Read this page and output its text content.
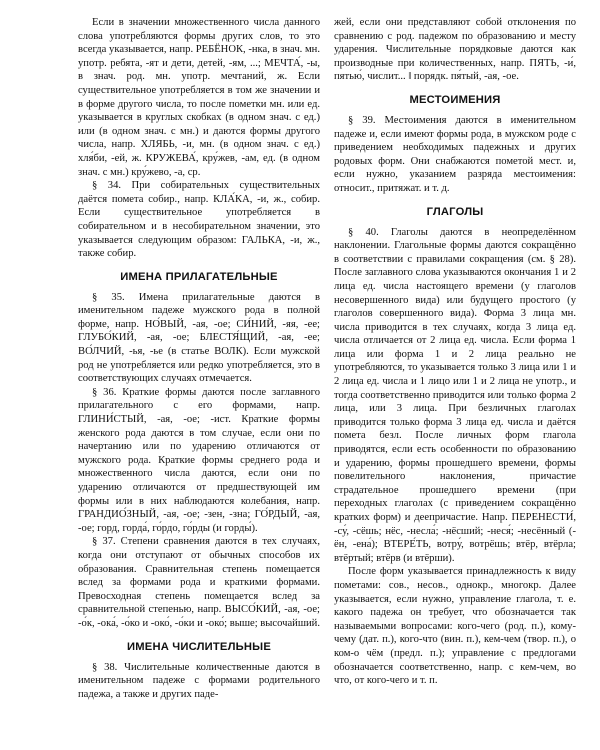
Если в значении множественного числа данного слова употребляются формы других слов, то это всегда указывается, напр. РЕБЁНОК, -нка, в знач. мн. употр. ребята, -ят и дети, детей, -ям, ...; МЕЧТА́, -ы, в знач. род. мн. употр. мечтаний, ж. Если существительное употребляется в том же значении и в форме другого числа, то после пометки мн. или ед. указывается в круглых скобках (в одном знач. с ед.) или (в одном знач. с мн.) и даются формы другого числа, напр. ХЛЯБЬ, -и, мн. (в одном знач. с ед.) хля́би, -ей, ж. КРУЖЕВА́, кру́жев, -ам, ед. (в одном знач. с мн.) кру́жево, -а, ср.

§ 34. При собирательных существительных даётся помета собир., напр. КЛА́КА, -и, ж., собир. Если существительное употребляется в собирательном и в несобирательном значении, это указывается следующим образом: ГАЛЬКА, -и, ж., также собир.

ИМЕНА ПРИЛАГАТЕЛЬНЫЕ

§ 35. Имена прилагательные даются в именительном падеже мужского рода в полной форме, напр. НО́ВЫЙ, -ая, -ое; СИ́НИЙ, -яя, -ее; ГЛУБО́КИЙ, -ая, -ое; БЛЕСТЯ́ЩИЙ, -ая, -ее; ВО́ЛЧИЙ, -ья, -ье (в статье ВОЛК). Если мужской род не употребляется или редко употребляется, это в соответствующих случаях отмечается.

§ 36. Краткие формы даются после заглавного прилагательного с его формами, напр. ГЛИНИ́СТЫЙ, -ая, -ое; -ист. Краткие формы женского рода даются в том случае, если они по начертанию или по ударению отличаются от мужского рода. Краткие формы среднего рода и множественного числа даются, если они по ударению отличаются от предшествующей им формы или в них наблюдаются колебания, напр. ГРАНДИО́ЗНЫЙ, -ая, -ое; -зен, -зна; ГО́РДЫЙ, -ая, -ое; горд, горда́, го́рдо, го́рды (и горды́).

§ 37. Степени сравнения даются в тех случаях, когда они отступают от обычных способов их образования. Сравнительная степень помещается вслед за формами рода и краткими формами. Превосходная степень помещается вслед за сравнительной степенью, напр. ВЫСО́КИЙ, -ая, -ое; -о́к, -ока́, -о́ко и -око́, -о́ки и -око́; выше; высочайший.

ИМЕНА ЧИСЛИТЕЛЬНЫЕ

§ 38. Числительные количественные даются в именительном падеже с формами родительного падежа, а также и других паде-

жей, если они представляют собой отклонения по сравнению с род. падежом по образованию и месту ударения. Числительные порядковые даются как производные при количественных, напр. ПЯТЬ, -и́, пятью́, числит... ‖ порядк. пя́тый, -ая, -ое.

МЕСТОИМЕНИЯ

§ 39. Местоимения даются в именительном падеже и, если имеют формы рода, в мужском роде с приведением необходимых падежных и других родовых форм. Они снабжаются пометой мест. и, если нужно, указанием разряда местоимения: относит., притяжат. и т. д.

ГЛАГОЛЫ

§ 40. Глаголы даются в неопределённом наклонении. Глагольные формы даются сокращённо в соответствии с правилами сокращения (см. § 28). После заглавного слова указываются окончания 1 и 2 лица ед. числа настоящего времени (у глаголов несовершенного вида) или будущего простого (у глаголов совершенного вида). Форма 3 лица мн. числа приводится в тех случаях, когда 3 лица ед. числа отличается от 2 лица ед. числа. Если форма 1 лица или форма 1 и 2 лица реально не употребляются, то указывается только 3 лица или 1 и 2 лица ед. числа и 1 лицо или 1 и 2 лица не употр., и тогда соответственно приводится или только форма 2 лица, или 3 лица. При безличных глаголах приводится только форма 3 лица ед. числа и даётся помета безл. После личных форм глагола приводятся, если есть особенности по образованию и ударению, формы прошедшего времени, формы повелительного наклонения, причастие страдательное прошедшего времени (при переходных глаголах (с приведением сокращённо кратких форм) и деепричастие. Напр. ПЕРЕНЕСТИ́, -су́, -сёшь; нёс, -несла́; -нёсший; -неся́; -несённый (-ён, -ена́); ВТЕРЕ́ТЬ, вотру́, вотрёшь; втёр, втёрла; втёртый; втёрв (и втёрши).

После форм указывается принадлежность к виду пометами: сов., несов., однокр., многокр. Далее указывается, если нужно, управление глагола, т. е. какого падежа он требует, что обозначается так называемыми вопросами: кого-чего (род. п.), кому-чему (дат. п.), кого-что (вин. п.), кем-чем (твор. п.), о ком-о чём (предл. п.); управление с предлогами обозначается соответственно, напр. с кем-чем, во что, от кого-чего и т. п.
